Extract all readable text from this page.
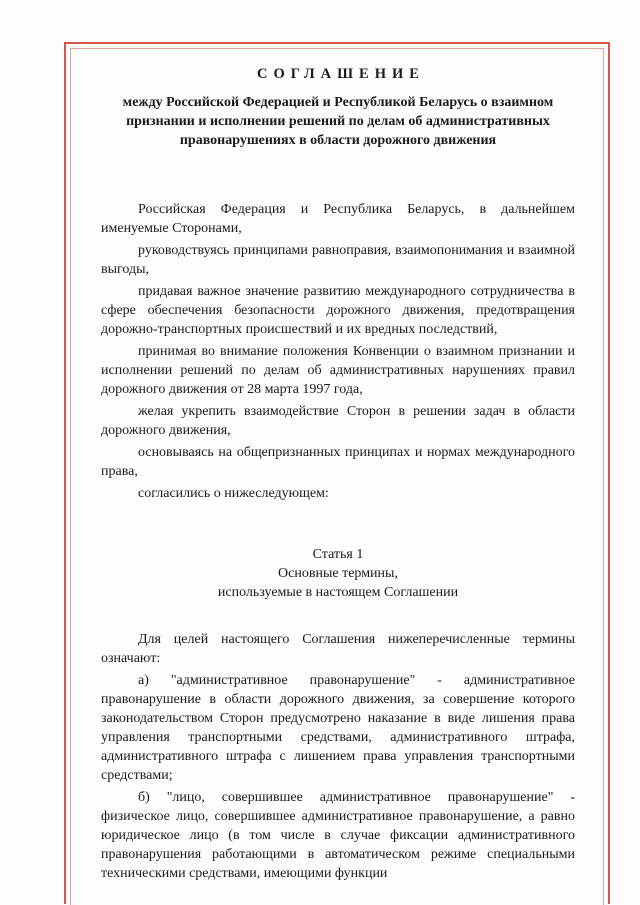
СОГЛАШЕНИЕ

между Российской Федерацией и Республикой Беларусь о взаимном

признании и исполнении решений по делам об административных

правонарушениях в области дорожного движения

Российская Федерация и Республика Беларусь, в дальнейшем именуемые Сторонами,

руководствуясь принципами равноправия, взаимопонимания и взаимной выгоды,

придавая важное значение развитию международного сотрудничества в сфере обеспечения безопасности дорожного движения, предотвращения дорожно-транспортных происшествий и их вредных последствий,

принимая во внимание положения Конвенции о взаимном признании и исполнении решений по делам об административных нарушениях правил дорожного движения от 28 марта 1997 года,

желая укрепить взаимодействие Сторон в решении задач в области дорожного движения,

основываясь на общепризнанных принципах и нормах международного права,

согласились о нижеследующем:

Статья 1

Основные термины,

используемые в настоящем Соглашении

Для целей настоящего Соглашения нижеперечисленные термины означают:

а) "административное правонарушение" - административное правонарушение в области дорожного движения, за совершение которого законодательством Сторон предусмотрено наказание в виде лишения права управления транспортными средствами, административного штрафа, административного штрафа с лишением права управления транспортными средствами;

б) "лицо, совершившее административное правонарушение" - физическое лицо, совершившее административное правонарушение, а равно юридическое лицо (в том числе в случае фиксации административного правонарушения работающими в автоматическом режиме специальными техническими средствами, имеющими функции
